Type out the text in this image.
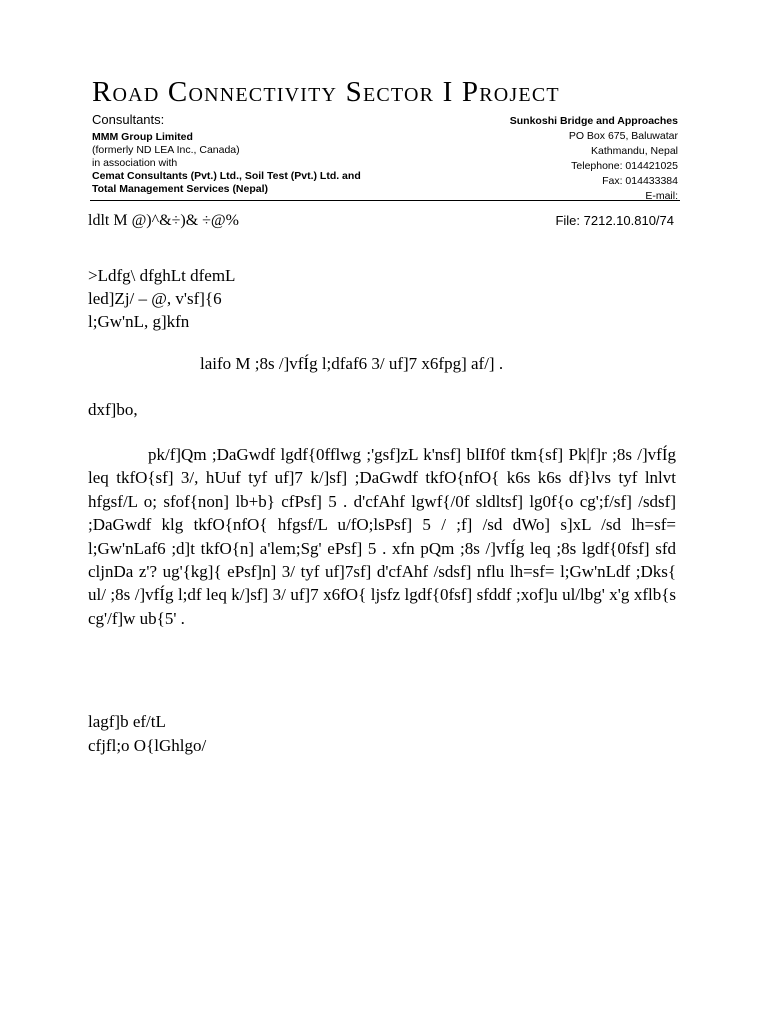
Road Connectivity Sector I Project
Consultants:
MMM Group Limited
(formerly ND LEA Inc., Canada)
in association with
Cemat Consultants (Pvt.) Ltd., Soil Test (Pvt.) Ltd. and
Total Management Services (Nepal)
Sunkoshi Bridge and Approaches
PO Box 675, Baluwatar
Kathmandu, Nepal
Telephone: 014421025
Fax: 014433384
E-mail:
ldlt M @)^&÷)& ÷@%	File: 7212.10.810/74
>Ldfg\ dfghLt dfemL
led]Zj/ – @, v'sf]{6
l;Gw'nL, g]kfn
laifo M ;8s /]vfÍg l;dfaf6 3/ uf]7 x6fpg] af/] .
dxf]bo,
pk/f]Qm ;DaGwdf lgdf{0fflwg ;'gsf]zL k'nsf] blIf0f tkm{sf] Pk|f]r ;8s /]vfÍg leq tkfO{sf] 3/, hUuf tyf uf]7 k/]sf] ;DaGwdf tkfO{nfO{ k6s k6s df}lvs tyf lnlvt hfgsf/L o; sfof{non] lb+b} cfPsf] 5 . d'cfAhf lgwf{/0f sldltsf] lg0f{o cg';f/sf] /sdsf] ;DaGwdf klg tkfO{nfO{ hfgsf/L u/fO;lsPsf] 5 / ;f] /sd dWo] s]xL /sd lh=sf= l;Gw'nLaf6 ;d]t tkfO{n] a'lem;Sg' ePsf] 5 . xfn pQm ;8s /]vfÍg leq ;8s lgdf{0fsf] sfd cljnDa z'? ug'{kg]{ ePsf]n] 3/ tyf uf]7sf] d'cfAhf /sdsf] nflu lh=sf= l;Gw'nLdf ;Dks{ ul/ ;8s /]vfÍg l;df leq k/]sf] 3/ uf]7 x6fO{ ljsfz lgdf{0fsf] sfddf ;xof]u ul/lbg' x'g xflb{s cg'/f]w ub{5' .
lagf]b ef/tL
cfjfl;o O{lGhlgo/
